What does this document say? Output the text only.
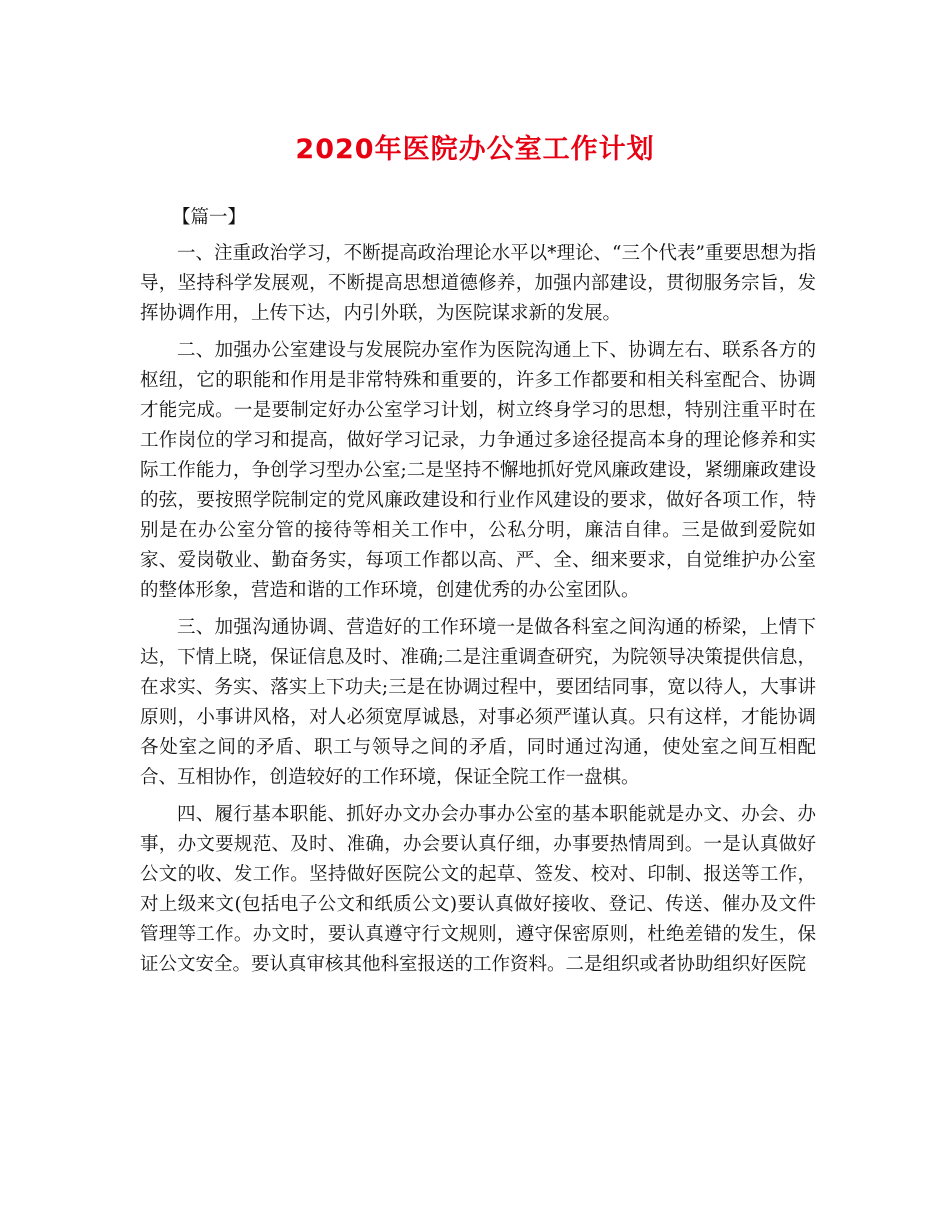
2020年医院办公室工作计划
【篇一】

一、注重政治学习，不断提高政治理论水平以*理论、“三个代表”重要思想为指导，坚持科学发展观，不断提高思想道德修养，加强内部建设，贯彻服务宗旨，发挥协调作用，上传下达，内引外联，为医院谋求新的发展。

二、加强办公室建设与发展院办室作为医院沟通上下、协调左右、联系各方的枢纽，它的职能和作用是非常特殊和重要的，许多工作都要和相关科室配合、协调才能完成。一是要制定好办公室学习计划，树立终身学习的思想，特别注重平时在工作岗位的学习和提高，做好学习记录，力争通过多途径提高本身的理论修养和实际工作能力，争创学习型办公室;二是坚持不懈地抓好党风廉政建设，紧绷廉政建设的弦，要按照学院制定的党风廉政建设和行业作风建设的要求，做好各项工作，特别是在办公室分管的接待等相关工作中，公私分明，廉洁自律。三是做到爱院如家、爱岗敬业、勤奋务实，每项工作都以高、严、全、细来要求，自觉维护办公室的整体形象，营造和谐的工作环境，创建优秀的办公室团队。

三、加强沟通协调、营造好的工作环境一是做各科室之间沟通的桥梁，上情下达，下情上晓，保证信息及时、准确;二是注重调查研究，为院领导决策提供信息，在求实、务实、落实上下功夫;三是在协调过程中，要团结同事，宽以待人，大事讲原则，小事讲风格，对人必须宽厚诚恳，对事必须严谨认真。只有这样，才能协调各处室之间的矛盾、职工与领导之间的矛盾，同时通过沟通，使处室之间互相配合、互相协作，创造较好的工作环境，保证全院工作一盘棋。

四、履行基本职能、抓好办文办会办事办公室的基本职能就是办文、办会、办事，办文要规范、及时、准确，办会要认真仔细，办事要热情周到。一是认真做好公文的收、发工作。坚持做好医院公文的起草、签发、校对、印制、报送等工作，对上级来文(包括电子公文和纸质公文)要认真做好接收、登记、传送、催办及文件管理等工作。办文时，要认真遵守行文规则，遵守保密原则，杜绝差错的发生，保证公文安全。要认真审核其他科室报送的工作资料。二是组织或者协助组织好医院
